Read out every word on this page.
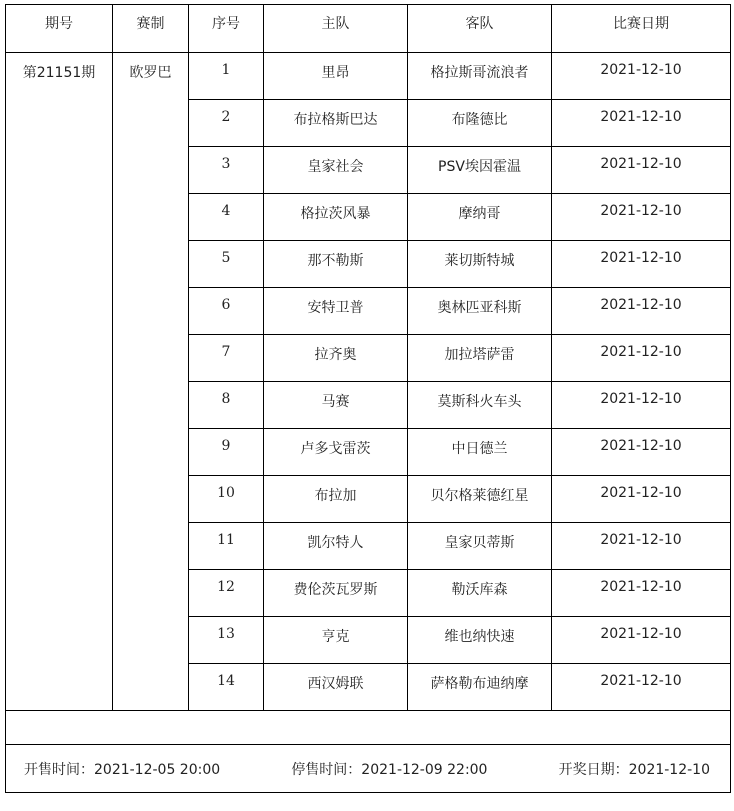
期号	赛制	序号	主队	客队	比赛日期
第21151期	欧罗巴	1	里昂	格拉斯哥流浪者	2021-12-10
		2	布拉格斯巴达	布隆德比	2021-12-10
		3	皇家社会	PSV埃因霍温	2021-12-10
		4	格拉茨风暴	摩纳哥	2021-12-10
		5	那不勒斯	莱切斯特城	2021-12-10
		6	安特卫普	奥林匹亚科斯	2021-12-10
		7	拉齐奥	加拉塔萨雷	2021-12-10
		8	马赛	莫斯科火车头	2021-12-10
		9	卢多戈雷茨	中日德兰	2021-12-10
		10	布拉加	贝尔格莱德红星	2021-12-10
		11	凯尔特人	皇家贝蒂斯	2021-12-10
		12	费伦茨瓦罗斯	勒沃库森	2021-12-10
		13	亨克	维也纳快速	2021-12-10
		14	西汉姆联	萨格勒布迪纳摩	2021-12-10

开售时间：2021-12-05 20:00 停售时间：2021-12-09 22:00 开奖日期：2021-12-10					
